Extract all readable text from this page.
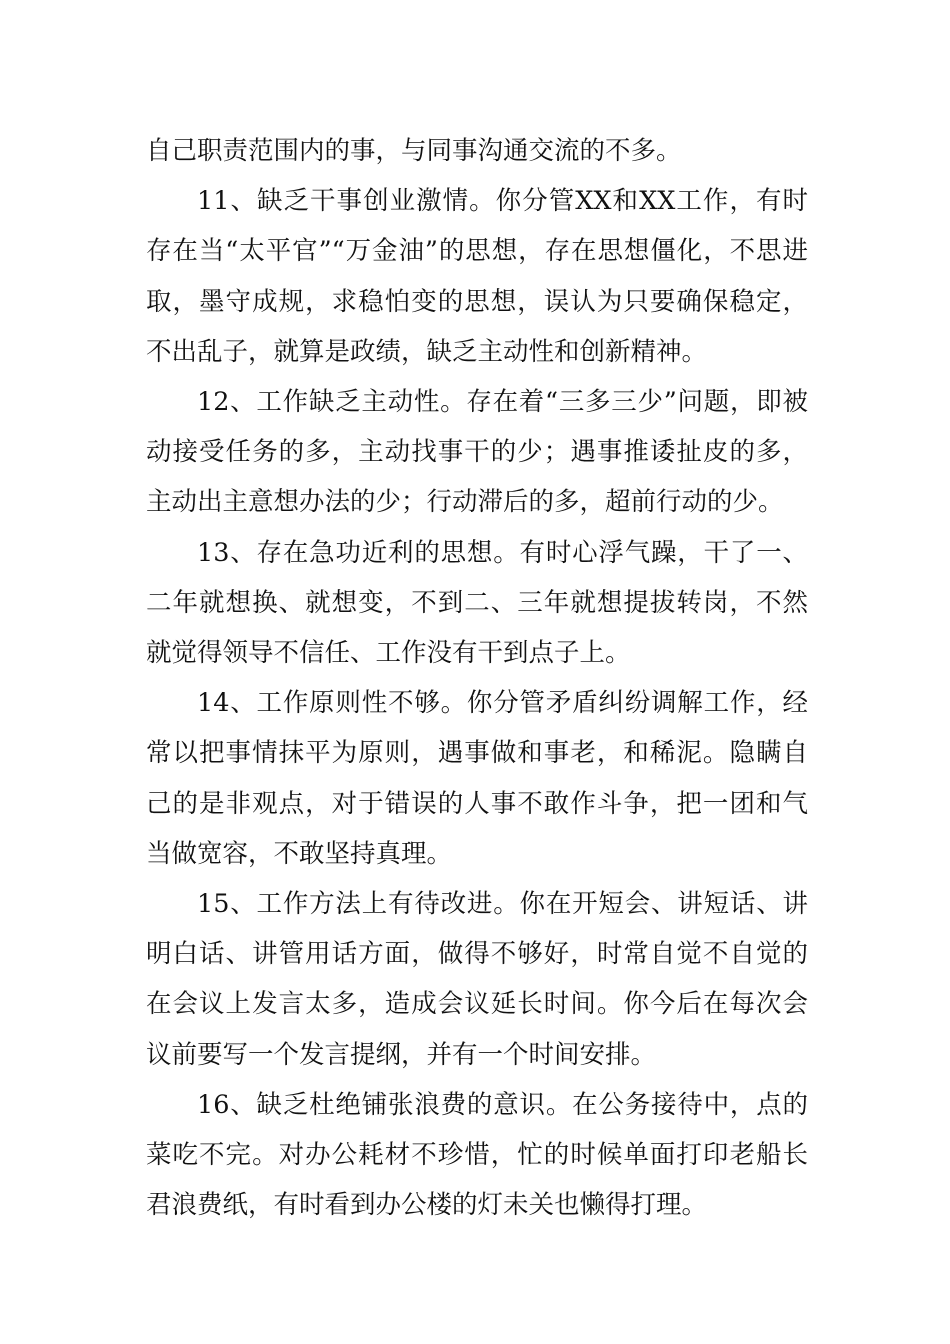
自己职责范围内的事，与同事沟通交流的不多。

11、缺乏干事创业激情。你分管XX和XX工作，有时存在当“太平官”“万金油”的思想，存在思想僵化，不思进取，墨守成规，求稳怕变的思想，误认为只要确保稳定，不出乱子，就算是政绩，缺乏主动性和创新精神。

12、工作缺乏主动性。存在着“三多三少”问题，即被动接受任务的多，主动找事干的少；遇事推诿扯皮的多，主动出主意想办法的少；行动滞后的多，超前行动的少。

13、存在急功近利的思想。有时心浮气躁，干了一、二年就想换、就想变，不到二、三年就想提拔转岗，不然就觉得领导不信任、工作没有干到点子上。

14、工作原则性不够。你分管矛盾纠纷调解工作，经常以把事情抹平为原则，遇事做和事老，和稀泥。隐瞒自己的是非观点，对于错误的人事不敢作斗争，把一团和气当做宽容，不敢坚持真理。

15、工作方法上有待改进。你在开短会、讲短话、讲明白话、讲管用话方面，做得不够好，时常自觉不自觉的在会议上发言太多，造成会议延长时间。你今后在每次会议前要写一个发言提纲，并有一个时间安排。

16、缺乏杜绝铺张浪费的意识。在公务接待中，点的菜吃不完。对办公耗材不珍惜，忙的时候单面打印老船长君浪费纸，有时看到办公楼的灯未关也懒得打理。
